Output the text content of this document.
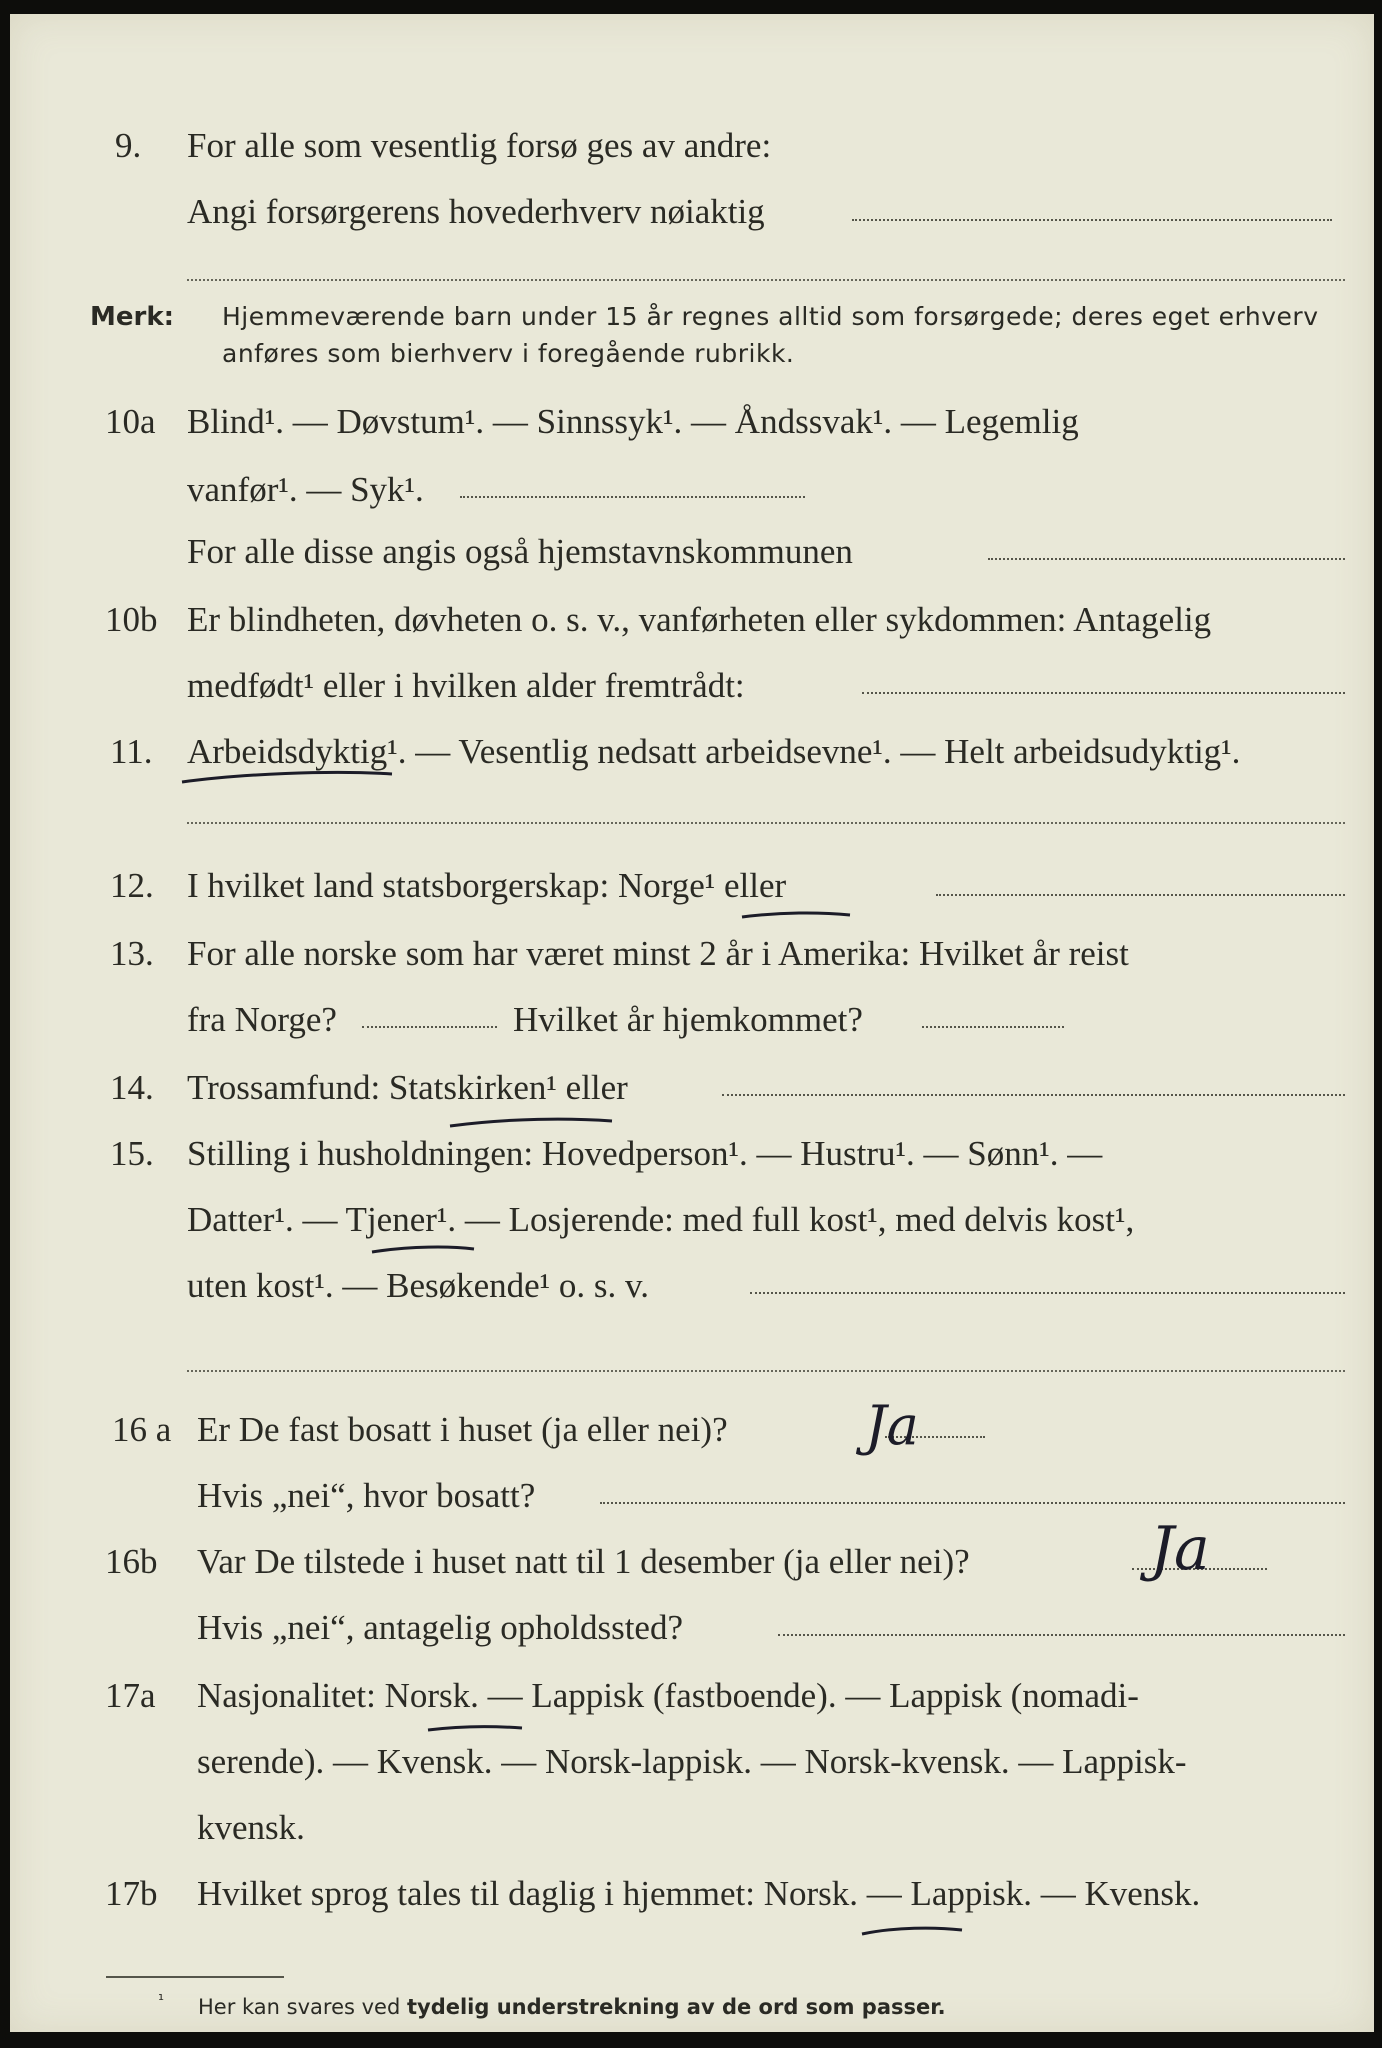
9. For alle som vesentlig forsø ges av andre:
Angi forsørgerens hovederhverv nøiaktig
Merk: Hjemmeværende barn under 15 år regnes alltid som forsørgede; deres eget erhverv
anføres som bierhverv i foregående rubrikk.
10a Blind¹. — Døvstum¹. — Sinnssyk¹. — Åndssvak¹. — Legemlig
vanfør¹. — Syk¹.
For alle disse angis også hjemstavnskommunen
10b Er blindheten, døvheten o. s. v., vanførheten eller sykdommen: Antagelig
medfødt¹ eller i hvilken alder fremtrådt:
11. Arbeidsdyktig¹. — Vesentlig nedsatt arbeidsevne¹. — Helt arbeidsudyktig¹.
12. I hvilket land statsborgerskap: Norge¹ eller
13. For alle norske som har været minst 2 år i Amerika: Hvilket år reist
fra Norge?	Hvilket år hjemkommet?
14. Trossamfund: Statskirken¹ eller
15. Stilling i husholdningen: Hovedperson¹. — Hustru¹. — Sønn¹. —
Datter¹. — Tjener¹. — Losjerende: med full kost¹, med delvis kost¹,
uten kost¹. — Besøkende¹ o. s. v.
16 a Er De fast bosatt i huset (ja eller nei)?	Ja
Hvis „nei“, hvor bosatt?
16b Var De tilstede i huset natt til 1 desember (ja eller nei)?	Ja
Hvis „nei“, antagelig opholdssted?
17a Nasjonalitet: Norsk. — Lappisk (fastboende). — Lappisk (nomadi-
serende). — Kvensk. — Norsk-lappisk. — Norsk-kvensk. — Lappisk-
kvensk.
17b Hvilket sprog tales til daglig i hjemmet: Norsk. — Lappisk. — Kvensk.
¹ Her kan svares ved tydelig understrekning av de ord som passer.
